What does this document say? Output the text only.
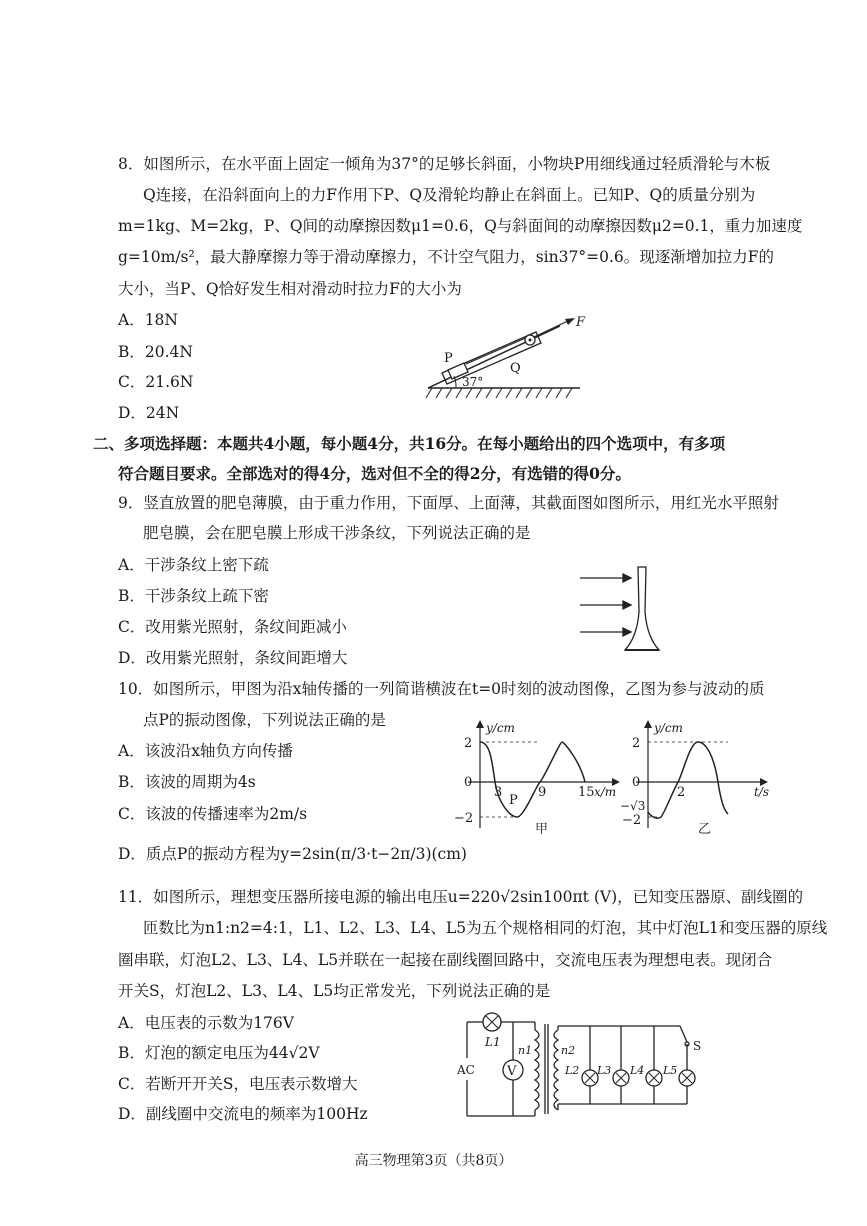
8．如图所示，在水平面上固定一倾角为37°的足够长斜面，小物块P用细线通过轻质滑轮与木板
Q连接，在沿斜面向上的力F作用下P、Q及滑轮均静止在斜面上。已知P、Q的质量分别为
m=1kg、M=2kg，P、Q间的动摩擦因数μ1=0.6，Q与斜面间的动摩擦因数μ2=0.1，重力加速度
g=10m/s²，最大静摩擦力等于滑动摩擦力，不计空气阻力，sin37°=0.6。现逐渐增加拉力F的
大小，当P、Q恰好发生相对滑动时拉力F的大小为
A．18N
B．20.4N
C．21.6N
D．24N
F
P
Q
37°
二、多项选择题：本题共4小题，每小题4分，共16分。在每小题给出的四个选项中，有多项
符合题目要求。全部选对的得4分，选对但不全的得2分，有选错的得0分。
9．竖直放置的肥皂薄膜，由于重力作用，下面厚、上面薄，其截面图如图所示，用红光水平照射
肥皂膜，会在肥皂膜上形成干涉条纹，下列说法正确的是
A．干涉条纹上密下疏
B．干涉条纹上疏下密
C．改用紫光照射，条纹间距减小
D．改用紫光照射，条纹间距增大
10．如图所示，甲图为沿x轴传播的一列简谐横波在t=0时刻的波动图像，乙图为参与波动的质
点P的振动图像，下列说法正确的是
A．该波沿x轴负方向传播
B．该波的周期为4s
C．该波的传播速率为2m/s
D．质点P的振动方程为y=2sin(π/3·t−2π/3)(cm)
y/cm
2
−2
0
3	9 15 x/m
P
甲
y/cm
2
−√3
−2
0
2	t/s
乙
11．如图所示，理想变压器所接电源的输出电压u=220√2sin100πt (V)，已知变压器原、副线圈的
匝数比为n1:n2=4:1，L1、L2、L3、L4、L5为五个规格相同的灯泡，其中灯泡L1和变压器的原线
圈串联，灯泡L2、L3、L4、L5并联在一起接在副线圈回路中，交流电压表为理想电表。现闭合
开关S，灯泡L2、L3、L4、L5均正常发光，下列说法正确的是
A．电压表的示数为176V
B．灯泡的额定电压为44√2V
C．若断开开关S，电压表示数增大
D．副线圈中交流电的频率为100Hz
V
L1
AC
n1	n2
L2 L3 L4 L5
S
高三物理第3页（共8页）
